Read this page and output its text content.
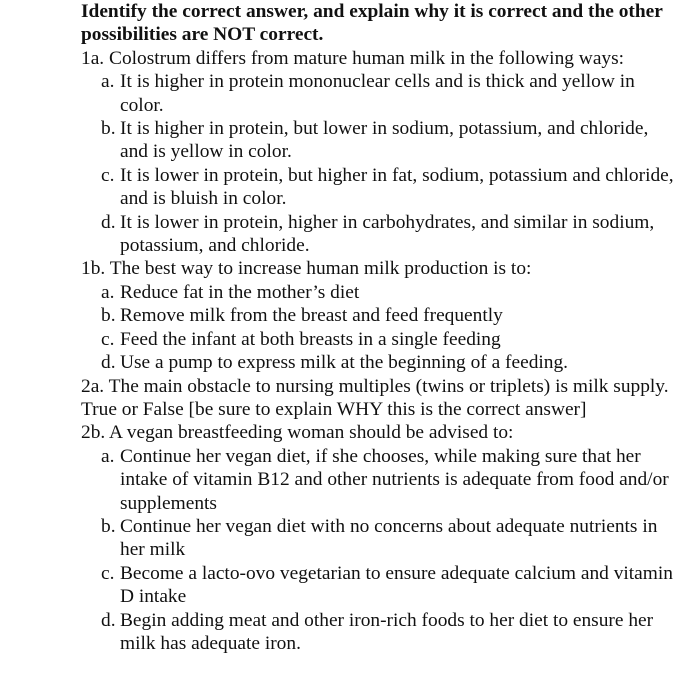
Identify the correct answer, and explain why it is correct and the other possibilities are NOT correct.

1a. Colostrum differs from mature human milk in the following ways:

a. It is higher in protein mononuclear cells and is thick and yellow in color.
b. It is higher in protein, but lower in sodium, potassium, and chloride, and is yellow in color.
c. It is lower in protein, but higher in fat, sodium, potassium and chloride, and is bluish in color.
d. It is lower in protein, higher in carbohydrates, and similar in sodium, potassium, and chloride.

1b. The best way to increase human milk production is to:

a. Reduce fat in the mother’s diet
b. Remove milk from the breast and feed frequently
c. Feed the infant at both breasts in a single feeding
d. Use a pump to express milk at the beginning of a feeding.

2a. The main obstacle to nursing multiples (twins or triplets) is milk supply. True or False [be sure to explain WHY this is the correct answer]

2b. A vegan breastfeeding woman should be advised to:

a. Continue her vegan diet, if she chooses, while making sure that her intake of vitamin B12 and other nutrients is adequate from food and/or supplements
b. Continue her vegan diet with no concerns about adequate nutrients in her milk
c. Become a lacto-ovo vegetarian to ensure adequate calcium and vitamin D intake
d. Begin adding meat and other iron-rich foods to her diet to ensure her milk has adequate iron.
